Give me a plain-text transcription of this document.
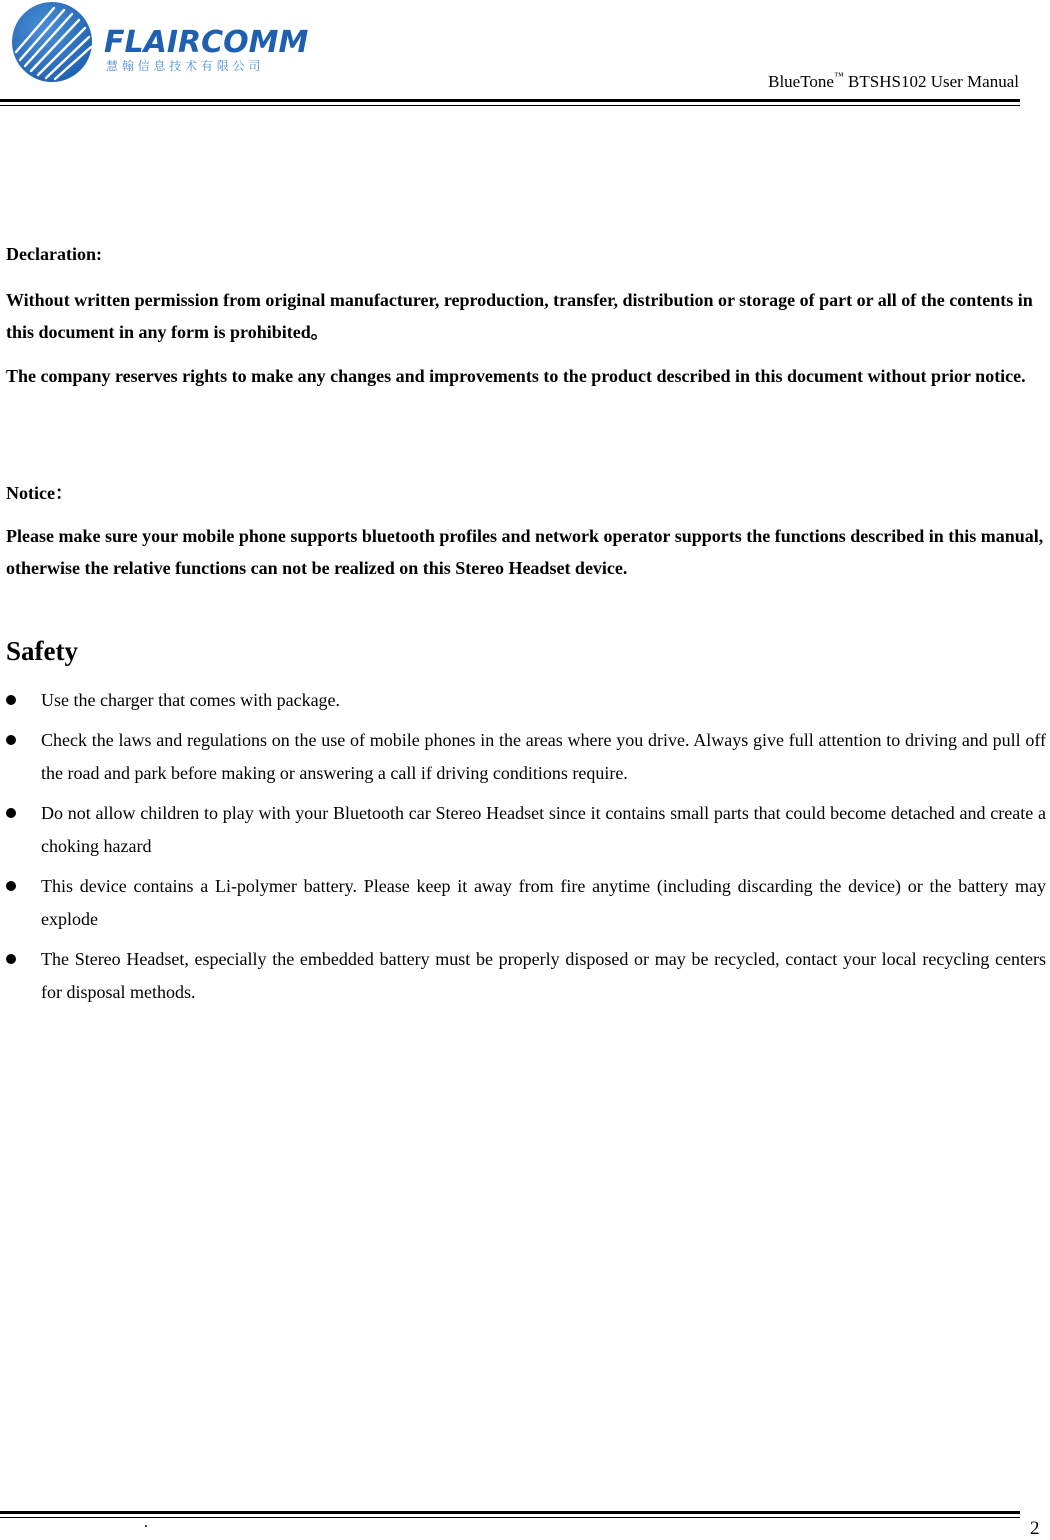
FLAIRCOMM
慧 翰 信 息 技 术 有 限 公 司
BlueTone™ BTSHS102 User Manual
Declaration:
Without written permission from original manufacturer, reproduction, transfer, distribution or storage of part or all of the contents in this document in any form is prohibited。
The company reserves rights to make any changes and improvements to the product described in this document without prior notice.
Notice：
Please make sure your mobile phone supports bluetooth profiles and network operator supports the functions described in this manual, otherwise the relative functions can not be realized on this Stereo Headset device.
Safety
Use the charger that comes with package.
Check the laws and regulations on the use of mobile phones in the areas where you drive. Always give full attention to driving and pull off the road and park before making or answering a call if driving conditions require.
Do not allow children to play with your Bluetooth car Stereo Headset since it contains small parts that could become detached and create a choking hazard
This device contains a Li-polymer battery. Please keep it away from fire anytime (including discarding the device) or the battery may explode
The Stereo Headset, especially the embedded battery must be properly disposed or may be recycled, contact your local recycling centers for disposal methods.
.	2
